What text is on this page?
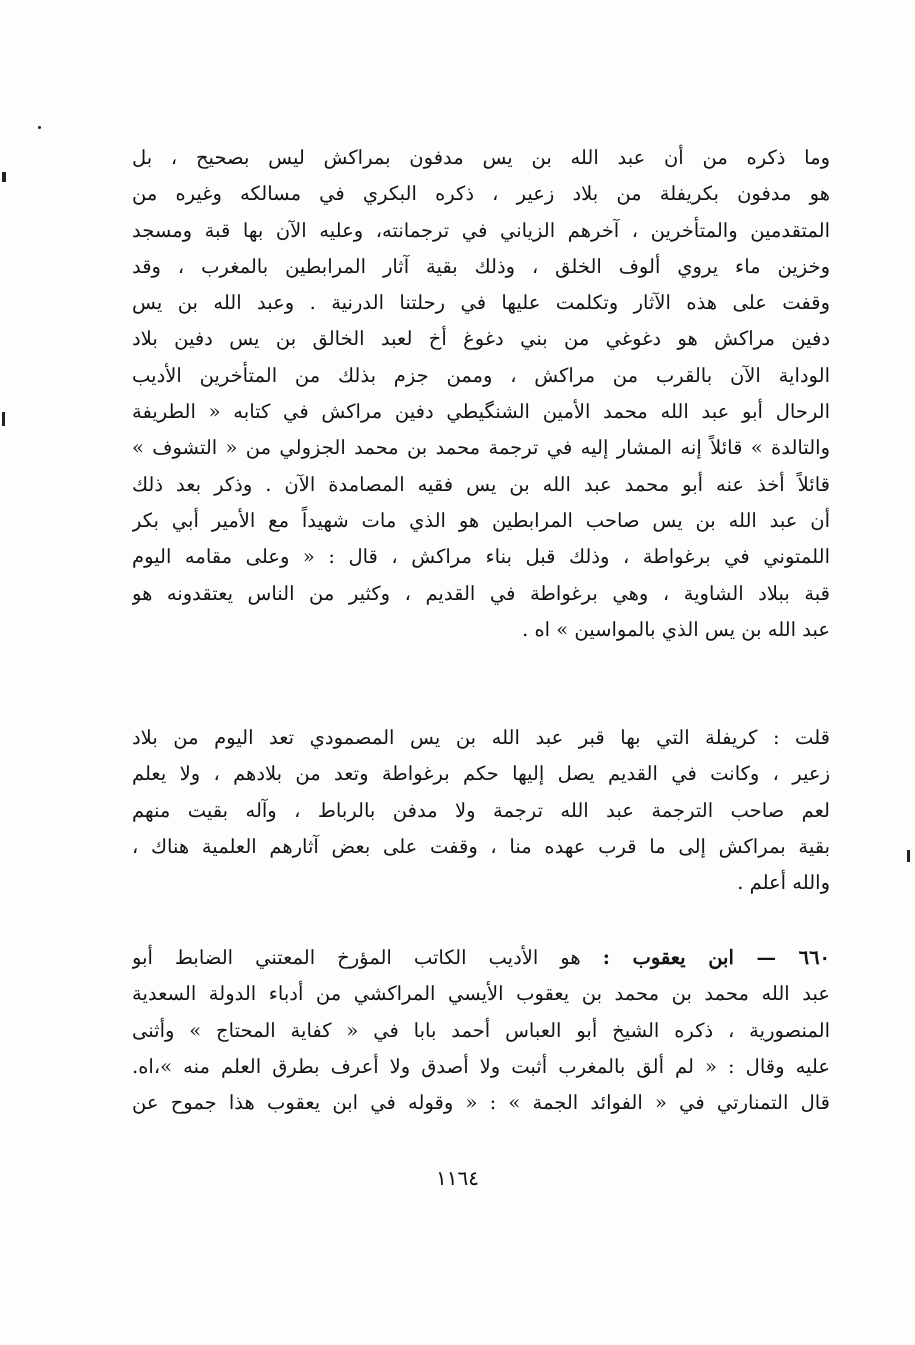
وما ذكره من أن عبد الله بن يس مدفون بمراكش ليس بصحيح ، بل
هو مدفون بكريفلة من بلاد زعير ، ذكره البكري في مسالكه وغيره من
المتقدمين والمتأخرين ، آخرهم الزياني في ترجمانته، وعليه الآن بها قبة ومسجد
وخزين ماء يروي ألوف الخلق ، وذلك بقية آثار المرابطين بالمغرب ، وقد
وقفت على هذه الآثار وتكلمت عليها في رحلتنا الدرنية . وعبد الله بن يس
دفين مراكش هو دغوغي من بني دغوغ أخ لعبد الخالق بن يس دفين بلاد
الوداية الآن بالقرب من مراكش ، وممن جزم بذلك من المتأخرين الأديب
الرحال أبو عبد الله محمد الأمين الشنگيطي دفين مراكش في كتابه « الطريفة
والتالدة » قائلاً إنه المشار إليه في ترجمة محمد بن محمد الجزولي من « التشوف »
قائلاً أخذ عنه أبو محمد عبد الله بن يس فقيه المصامدة الآن . وذكر بعد ذلك
أن عبد الله بن يس صاحب المرابطين هو الذي مات شهيداً مع الأمير أبي بكر
اللمتوني في برغواطة ، وذلك قبل بناء مراكش ، قال : « وعلى مقامه اليوم
قبة ببلاد الشاوية ، وهي برغواطة في القديم ، وكثير من الناس يعتقدونه هو
عبد الله بن يس الذي بالمواسين » اه .
قلت : كريفلة التي بها قبر عبد الله بن يس المصمودي تعد اليوم من بلاد
زعير ، وكانت في القديم يصل إليها حكم برغواطة وتعد من بلادهم ، ولا يعلم
لعم صاحب الترجمة عبد الله ترجمة ولا مدفن بالرباط ، وآله بقيت منهم
بقية بمراكش إلى ما قرب عهده منا ، وقفت على بعض آثارهم العلمية هناك ،
والله أعلم .
٦٦٠ — ابن يعقوب : هو الأديب الكاتب المؤرخ المعتني الضابط أبو
عبد الله محمد بن محمد بن يعقوب الأيسي المراكشي من أدباء الدولة السعدية
المنصورية ، ذكره الشيخ أبو العباس أحمد بابا في « كفاية المحتاج » وأثنى
عليه وقال : « لم ألق بالمغرب أثبت ولا أصدق ولا أعرف بطرق العلم منه »،اه.
قال التمنارتي في « الفوائد الجمة » : « وقوله في ابن يعقوب هذا جموح عن
١١٦٤
